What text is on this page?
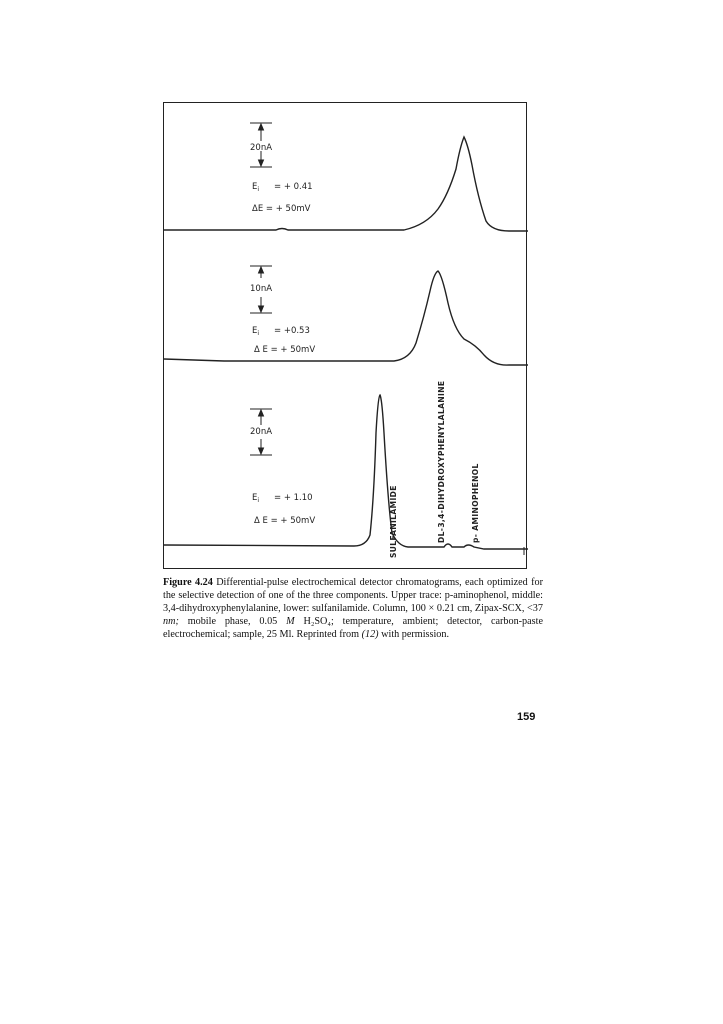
20nA
$E_i$ = + 0.41
ΔE = + 50mV
10nA
$E_i = +0.53$
Δ E = + 50mV
20nA
$E_i$ = + 1.10
Δ E = + 50mV	SULFANILAMIDE	DL-3,4-DIHYDROXYPHENYLALANINE	p- AMINOPHENOL

Figure 4.24 Differential-pulse electrochemical detector chromatograms, each optimized for the selective detection of one of the three components. Upper trace: p-aminophenol, middle: 3,4-dihydroxyphenylalanine, lower: sulfanilamide. Column, 100 × 0.21 cm, Zipax-SCX, <37 nm; mobile phase, 0.05 M H₂SO₄; temperature, ambient; detector, carbon-paste electrochemical; sample, 25 Ml. Reprinted from (12) with permission.

159
